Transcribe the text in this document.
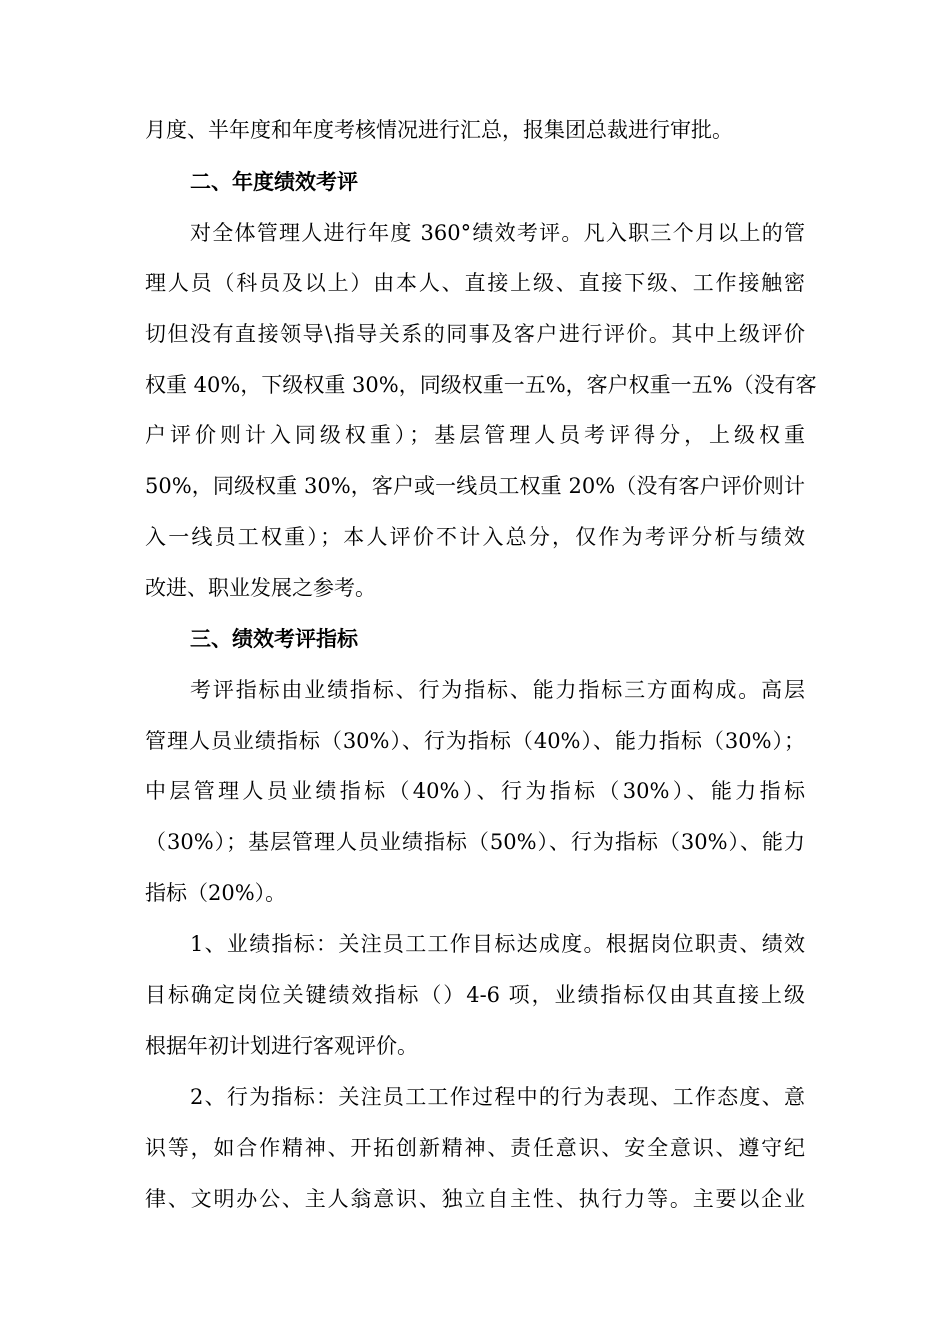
月度、半年度和年度考核情况进行汇总，报集团总裁进行审批。
二、年度绩效考评
对全体管理人进行年度 360°绩效考评。凡入职三个月以上的管
理人员（科员及以上）由本人、直接上级、直接下级、工作接触密
切但没有直接领导\指导关系的同事及客户进行评价。其中上级评价
权重 40%，下级权重 30%，同级权重一五%，客户权重一五%（没有客
户评价则计入同级权重）；基层管理人员考评得分，上级权重
50%，同级权重 30%，客户或一线员工权重 20%（没有客户评价则计
入一线员工权重）；本人评价不计入总分，仅作为考评分析与绩效
改进、职业发展之参考。
三、绩效考评指标
考评指标由业绩指标、行为指标、能力指标三方面构成。高层
管理人员业绩指标（30%）、行为指标（40%）、能力指标（30%）；
中层管理人员业绩指标（40%）、行为指标（30%）、能力指标
（30%）；基层管理人员业绩指标（50%）、行为指标（30%）、能力
指标（20%）。
1、业绩指标：关注员工工作目标达成度。根据岗位职责、绩效
目标确定岗位关键绩效指标（）4-6 项，业绩指标仅由其直接上级
根据年初计划进行客观评价。
2、行为指标：关注员工工作过程中的行为表现、工作态度、意
识等，如合作精神、开拓创新精神、责任意识、安全意识、遵守纪
律、文明办公、主人翁意识、独立自主性、执行力等。主要以企业
